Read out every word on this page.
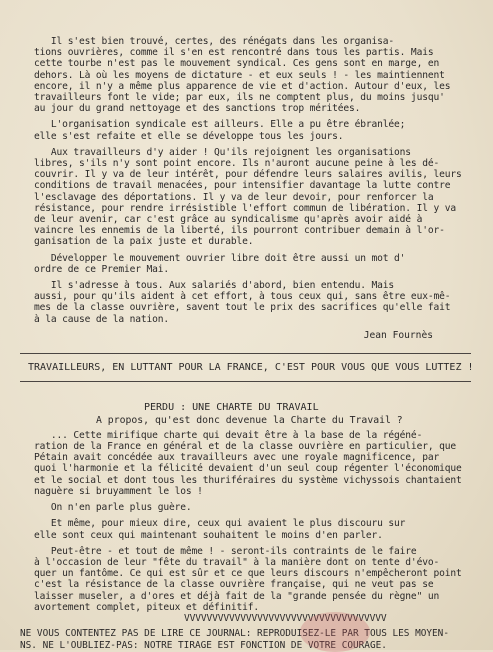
Il s'est bien trouvé, certes, des rénégats dans les organisa-
tions ouvrières, comme il s'en est rencontré dans tous les partis. Mais
cette tourbe n'est pas le mouvement syndical. Ces gens sont en marge, en
dehors. Là où les moyens de dictature - et eux seuls ! - les maintiennent
encore, il n'y a même plus apparence de vie et d'action. Autour d'eux, les
travailleurs font le vide; par eux, ils ne comptent plus, du moins jusqu'
au jour du grand nettoyage et des sanctions trop méritées.
L'organisation syndicale est ailleurs. Elle a pu être ébranlée;
elle s'est refaite et elle se développe tous les jours.
Aux travailleurs d'y aider ! Qu'ils rejoignent les organisations
libres, s'ils n'y sont point encore. Ils n'auront aucune peine à les dé-
couvrir. Il y va de leur intérêt, pour défendre leurs salaires avilis, leurs
conditions de travail menacées, pour intensifier davantage la lutte contre
l'esclavage des déportations. Il y va de leur devoir, pour renforcer la
résistance, pour rendre irrésistible l'effort commun de libération. Il y va
de leur avenir, car c'est grâce au syndicalisme qu'après avoir aidé à
vaincre les ennemis de la liberté, ils pourront contribuer demain à l'or-
ganisation de la paix juste et durable.
Développer le mouvement ouvrier libre doit être aussi un mot d'
ordre de ce Premier Mai.
Il s'adresse à tous. Aux salariés d'abord, bien entendu. Mais
aussi, pour qu'ils aident à cet effort, à tous ceux qui, sans être eux-mê-
mes de la classe ouvrière, savent tout le prix des sacrifices qu'elle fait
à la cause de la nation.
Jean Fournès
TRAVAILLEURS, EN LUTTANT POUR LA FRANCE, C'EST POUR VOUS QUE VOUS LUTTEZ !
PERDU : UNE CHARTE DU TRAVAIL
A propos, qu'est donc devenue la Charte du Travail ?
... Cette mirifique charte qui devait être à la base de la régéné-
ration de la France en général et de la classe ouvrière en particulier, que
Pétain avait concédée aux travailleurs avec une royale magnificence, par
quoi l'harmonie et la félicité devaient d'un seul coup régenter l'économique
et le social et dont tous les thuriféraires du système vichyssois chantaient
naguère si bruyamment le los !
On n'en parle plus guère.
Et même, pour mieux dire, ceux qui avaient le plus discouru sur
elle sont ceux qui maintenant souhaitent le moins d'en parler.
Peut-être - et tout de même ! - seront-ils contraints de le faire
à l'occasion de leur "fête du travail" à la manière dont on tente d'évo-
quer un fantôme. Ce qui est sûr et ce que leurs discours n'empêcheront point
c'est la résistance de la classe ouvrière française, qui ne veut pas se
laisser museler, a d'ores et déjà fait de la "grande pensée du règne" un
avortement complet, piteux et définitif.
VVVVVVVVVVVVVVVVVVVVVVVVVVVVVVVVVVVV
NE VOUS CONTENTEZ PAS DE LIRE CE JOURNAL: REPRODUISEZ-LE PAR TOUS LES MOYEN-
NS. NE L'OUBLIEZ-PAS: NOTRE TIRAGE EST FONCTION DE VOTRE COURAGE.
